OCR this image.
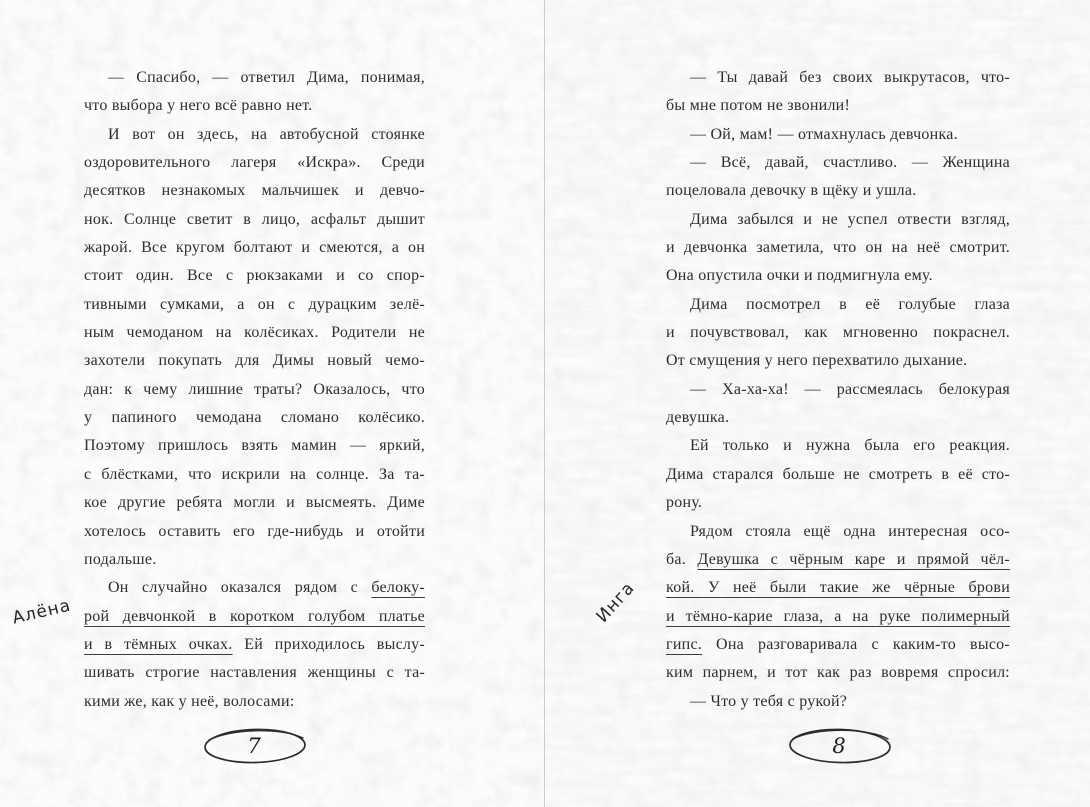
Алёна
— Спасибо, — ответил Дима, понимая,
что выбора у него всё равно нет.
И вот он здесь, на автобусной стоянке
оздоровительного лагеря «Искра». Среди
десятков незнакомых мальчишек и девчо-
нок. Солнце светит в лицо, асфальт дышит
жарой. Все кругом болтают и смеются, а он
стоит один. Все с рюкзаками и со спор-
тивными сумками, а он с дурацким зелё-
ным чемоданом на колёсиках. Родители не
захотели покупать для Димы новый чемо-
дан: к чему лишние траты? Оказалось, что
у папиного чемодана сломано колёсико.
Поэтому пришлось взять мамин — яркий,
с блёстками, что искрили на солнце. За та-
кое другие ребята могли и высмеять. Диме
хотелось оставить его где-нибудь и отойти
подальше.
Он случайно оказался рядом с белоку-
рой девчонкой в коротком голубом платье
и в тёмных очках. Ей приходилось выслу-
шивать строгие наставления женщины с та-
кими же, как у неё, волосами:
7
Инга
— Ты давай без своих выкрутасов, что-
бы мне потом не звонили!
— Ой, мам! — отмахнулась девчонка.
— Всё, давай, счастливо. — Женщина
поцеловала девочку в щёку и ушла.
Дима забылся и не успел отвести взгляд,
и девчонка заметила, что он на неё смотрит.
Она опустила очки и подмигнула ему.
Дима посмотрел в её голубые глаза
и почувствовал, как мгновенно покраснел.
От смущения у него перехватило дыхание.
— Ха-ха-ха! — рассмеялась белокурая
девушка.
Ей только и нужна была его реакция.
Дима старался больше не смотреть в её сто-
рону.
Рядом стояла ещё одна интересная осо-
ба. Девушка с чёрным каре и прямой чёл-
кой. У неё были такие же чёрные брови
и тёмно-карие глаза, а на руке полимерный
гипс. Она разговаривала с каким-то высо-
ким парнем, и тот как раз вовремя спросил:
— Что у тебя с рукой?
8
